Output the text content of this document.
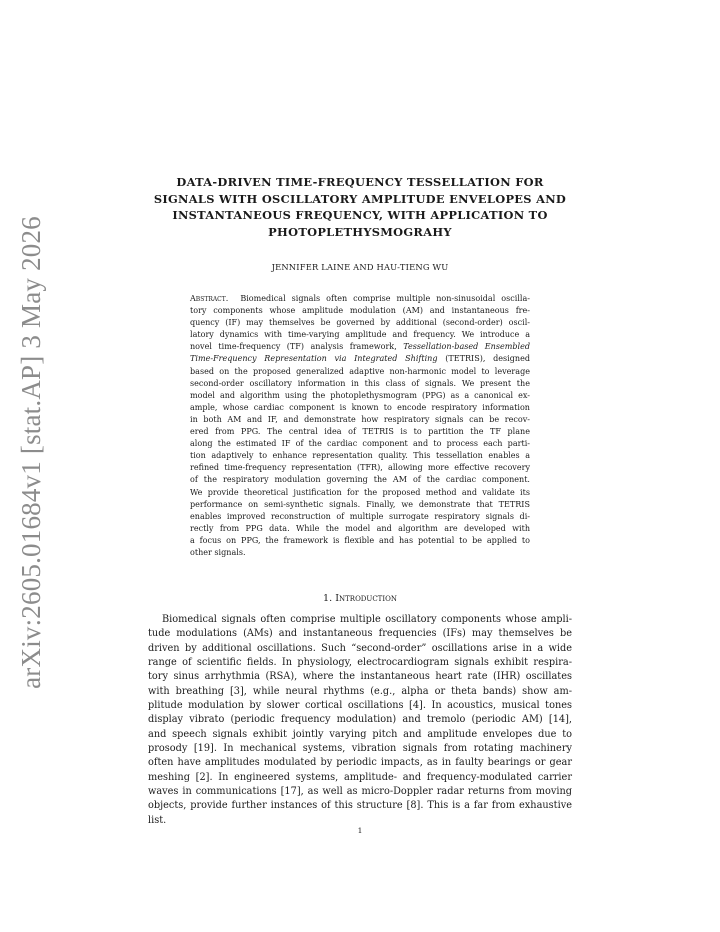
arXiv:2605.01684v1 [stat.AP] 3 May 2026
DATA-DRIVEN TIME-FREQUENCY TESSELLATION FOR
SIGNALS WITH OSCILLATORY AMPLITUDE ENVELOPES AND
INSTANTANEOUS FREQUENCY, WITH APPLICATION TO
PHOTOPLETHYSMOGRAHY
JENNIFER LAINE AND HAU-TIENG WU
Abstract. Biomedical signals often comprise multiple non-sinusoidal oscilla-
tory components whose amplitude modulation (AM) and instantaneous fre-
quency (IF) may themselves be governed by additional (second-order) oscil-
latory dynamics with time-varying amplitude and frequency. We introduce a
novel time-frequency (TF) analysis framework, Tessellation-based Ensembled
Time-Frequency Representation via Integrated Shifting (TETRIS), designed
based on the proposed generalized adaptive non-harmonic model to leverage
second-order oscillatory information in this class of signals. We present the
model and algorithm using the photoplethysmogram (PPG) as a canonical ex-
ample, whose cardiac component is known to encode respiratory information
in both AM and IF, and demonstrate how respiratory signals can be recov-
ered from PPG. The central idea of TETRIS is to partition the TF plane
along the estimated IF of the cardiac component and to process each parti-
tion adaptively to enhance representation quality. This tessellation enables a
refined time-frequency representation (TFR), allowing more effective recovery
of the respiratory modulation governing the AM of the cardiac component.
We provide theoretical justification for the proposed method and validate its
performance on semi-synthetic signals. Finally, we demonstrate that TETRIS
enables improved reconstruction of multiple surrogate respiratory signals di-
rectly from PPG data. While the model and algorithm are developed with
a focus on PPG, the framework is flexible and has potential to be applied to
other signals.
1. Introduction
Biomedical signals often comprise multiple oscillatory components whose ampli-
tude modulations (AMs) and instantaneous frequencies (IFs) may themselves be
driven by additional oscillations. Such “second-order” oscillations arise in a wide
range of scientific fields. In physiology, electrocardiogram signals exhibit respira-
tory sinus arrhythmia (RSA), where the instantaneous heart rate (IHR) oscillates
with breathing [3], while neural rhythms (e.g., alpha or theta bands) show am-
plitude modulation by slower cortical oscillations [4]. In acoustics, musical tones
display vibrato (periodic frequency modulation) and tremolo (periodic AM) [14],
and speech signals exhibit jointly varying pitch and amplitude envelopes due to
prosody [19]. In mechanical systems, vibration signals from rotating machinery
often have amplitudes modulated by periodic impacts, as in faulty bearings or gear
meshing [2]. In engineered systems, amplitude- and frequency-modulated carrier
waves in communications [17], as well as micro-Doppler radar returns from moving
objects, provide further instances of this structure [8]. This is a far from exhaustive
list.
1
